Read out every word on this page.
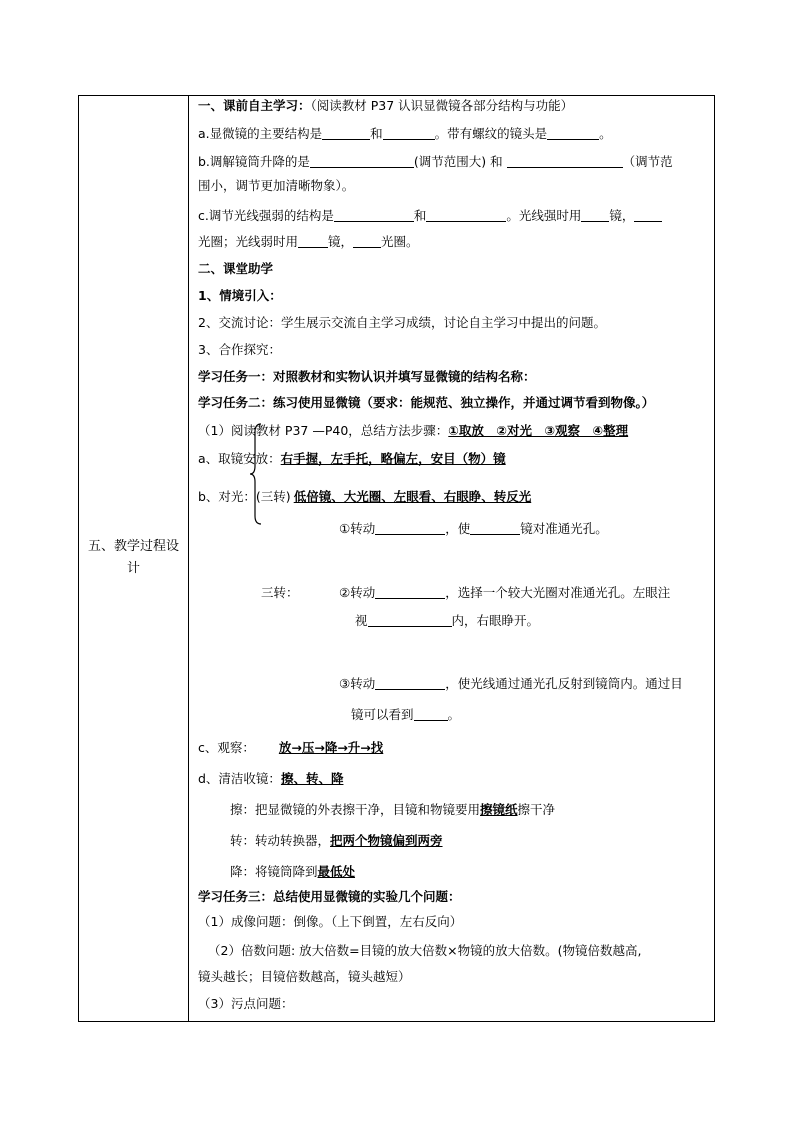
五、教学过程设
计
一、课前自主学习：（阅读教材 P37 认识显微镜各部分结构与功能）
a.显微镜的主要结构是	和	。带有螺纹的镜头是	。
b.调解镜筒升降的是	(调节范围大) 和	（调节范
围小，调节更加清晰物象）。
c.调节光线强弱的结构是	和	。光线强时用 镜，
光圈；光线弱时用 镜， 光圈。
二、课堂助学
1、情境引入：
2、交流讨论：学生展示交流自主学习成绩，讨论自主学习中提出的问题。
3、合作探究：
学习任务一：对照教材和实物认识并填写显微镜的结构名称：
学习任务二：练习使用显微镜（要求：能规范、独立操作，并通过调节看到物像。）
（1）阅读教材 P37 —P40，总结方法步骤：①取放　②对光　③观察　④整理
a、取镜安放：右手握，左手托，略偏左，安目（物）镜
b、对光：(三转) 低倍镜、大光圈、左眼看、右眼睁、转反光
①转动	，使	镜对准通光孔。
三转：	②转动	，选择一个较大光圈对准通光孔。左眼注
视	内，右眼睁开。
③转动	，使光线通过通光孔反射到镜筒内。通过目
镜可以看到	。
c、观察： 放→压→降→升→找
d、清洁收镜：擦、转、降
擦：把显微镜的外表擦干净，目镜和物镜要用擦镜纸擦干净
转：转动转换器，把两个物镜偏到两旁
降：将镜筒降到最低处
学习任务三：总结使用显微镜的实验几个问题：
（1）成像问题：倒像。（上下倒置，左右反向）
（2）倍数问题: 放大倍数=目镜的放大倍数×物镜的放大倍数。(物镜倍数越高,
镜头越长；目镜倍数越高，镜头越短）
（3）污点问题：
